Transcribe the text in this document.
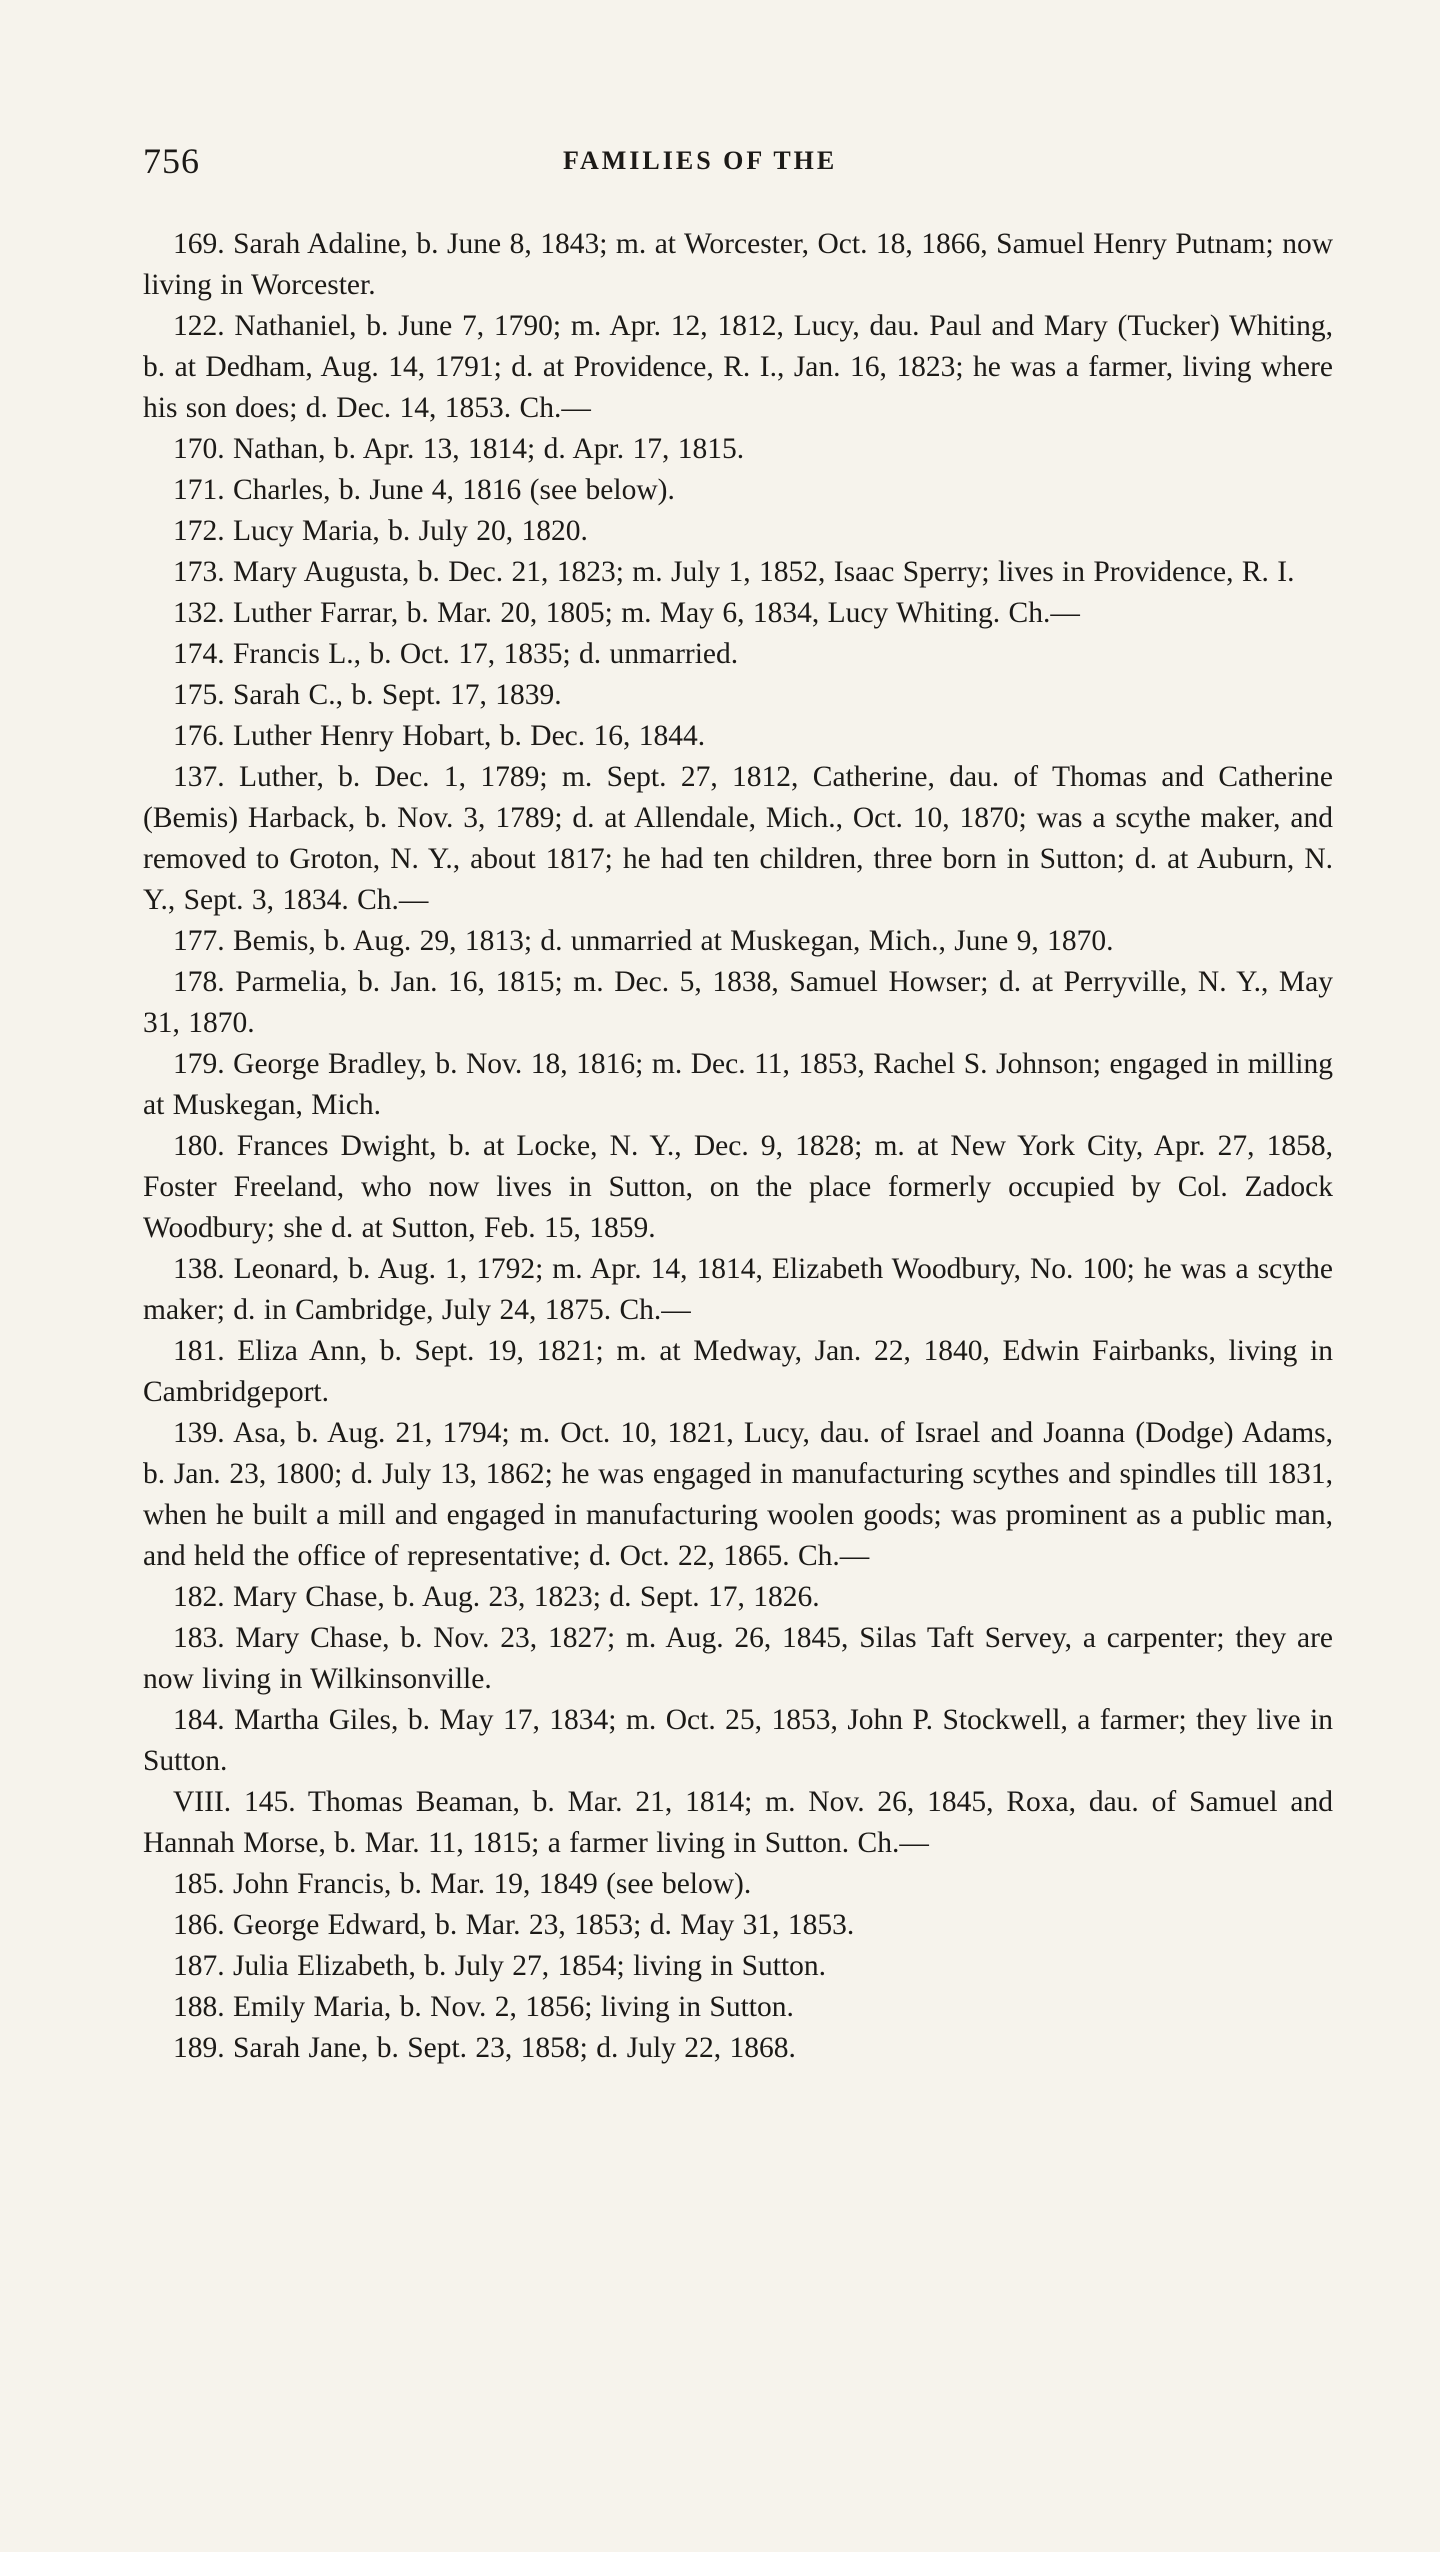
756	FAMILIES OF THE

169. Sarah Adaline, b. June 8, 1843; m. at Worcester, Oct. 18, 1866, Samuel Henry Putnam; now living in Worcester.

122. Nathaniel, b. June 7, 1790; m. Apr. 12, 1812, Lucy, dau. Paul and Mary (Tucker) Whiting, b. at Dedham, Aug. 14, 1791; d. at Providence, R. I., Jan. 16, 1823; he was a farmer, living where his son does; d. Dec. 14, 1853. Ch.—

170. Nathan, b. Apr. 13, 1814; d. Apr. 17, 1815.

171. Charles, b. June 4, 1816 (see below).

172. Lucy Maria, b. July 20, 1820.

173. Mary Augusta, b. Dec. 21, 1823; m. July 1, 1852, Isaac Sperry; lives in Providence, R. I.

132. Luther Farrar, b. Mar. 20, 1805; m. May 6, 1834, Lucy Whiting. Ch.—

174. Francis L., b. Oct. 17, 1835; d. unmarried.

175. Sarah C., b. Sept. 17, 1839.

176. Luther Henry Hobart, b. Dec. 16, 1844.

137. Luther, b. Dec. 1, 1789; m. Sept. 27, 1812, Catherine, dau. of Thomas and Catherine (Bemis) Harback, b. Nov. 3, 1789; d. at Allendale, Mich., Oct. 10, 1870; was a scythe maker, and removed to Groton, N. Y., about 1817; he had ten children, three born in Sutton; d. at Auburn, N. Y., Sept. 3, 1834. Ch.—

177. Bemis, b. Aug. 29, 1813; d. unmarried at Muskegan, Mich., June 9, 1870.

178. Parmelia, b. Jan. 16, 1815; m. Dec. 5, 1838, Samuel Howser; d. at Perryville, N. Y., May 31, 1870.

179. George Bradley, b. Nov. 18, 1816; m. Dec. 11, 1853, Rachel S. Johnson; engaged in milling at Muskegan, Mich.

180. Frances Dwight, b. at Locke, N. Y., Dec. 9, 1828; m. at New York City, Apr. 27, 1858, Foster Freeland, who now lives in Sutton, on the place formerly occupied by Col. Zadock Woodbury; she d. at Sutton, Feb. 15, 1859.

138. Leonard, b. Aug. 1, 1792; m. Apr. 14, 1814, Elizabeth Woodbury, No. 100; he was a scythe maker; d. in Cambridge, July 24, 1875. Ch.—

181. Eliza Ann, b. Sept. 19, 1821; m. at Medway, Jan. 22, 1840, Edwin Fairbanks, living in Cambridgeport.

139. Asa, b. Aug. 21, 1794; m. Oct. 10, 1821, Lucy, dau. of Israel and Joanna (Dodge) Adams, b. Jan. 23, 1800; d. July 13, 1862; he was engaged in manufacturing scythes and spindles till 1831, when he built a mill and engaged in manufacturing woolen goods; was prominent as a public man, and held the office of representative; d. Oct. 22, 1865. Ch.—

182. Mary Chase, b. Aug. 23, 1823; d. Sept. 17, 1826.

183. Mary Chase, b. Nov. 23, 1827; m. Aug. 26, 1845, Silas Taft Servey, a carpenter; they are now living in Wilkinsonville.

184. Martha Giles, b. May 17, 1834; m. Oct. 25, 1853, John P. Stockwell, a farmer; they live in Sutton.

VIII. 145. Thomas Beaman, b. Mar. 21, 1814; m. Nov. 26, 1845, Roxa, dau. of Samuel and Hannah Morse, b. Mar. 11, 1815; a farmer living in Sutton. Ch.—

185. John Francis, b. Mar. 19, 1849 (see below).

186. George Edward, b. Mar. 23, 1853; d. May 31, 1853.

187. Julia Elizabeth, b. July 27, 1854; living in Sutton.

188. Emily Maria, b. Nov. 2, 1856; living in Sutton.

189. Sarah Jane, b. Sept. 23, 1858; d. July 22, 1868.
